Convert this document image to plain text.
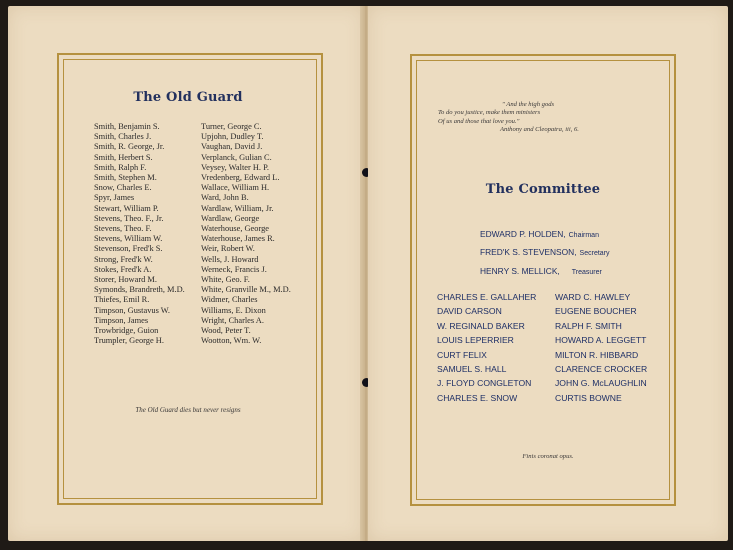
The Old Guard
Smith, Benjamin S.
Smith, Charles J.
Smith, R. George, Jr.
Smith, Herbert S.
Smith, Ralph F.
Smith, Stephen M.
Snow, Charles E.
Spyr, James
Stewart, William P.
Stevens, Theo. F., Jr.
Stevens, Theo. F.
Stevens, William W.
Stevenson, Fred'k S.
Strong, Fred'k W.
Stokes, Fred'k A.
Storer, Howard M.
Symonds, Brandreth, M.D.
Thiefes, Emil R.
Timpson, Gustavus W.
Timpson, James
Trowbridge, Guion
Trumpler, George H.
Turner, George C.
Upjohn, Dudley T.
Vaughan, David J.
Verplanck, Gulian C.
Veysey, Walter H. P.
Vredenberg, Edward L.
Wallace, William H.
Ward, John B.
Wardlaw, William, Jr.
Wardlaw, George
Waterhouse, George
Waterhouse, James R.
Weir, Robert W.
Wells, J. Howard
Werneck, Francis J.
White, Geo. F.
White, Granville M., M.D.
Widmer, Charles
Williams, E. Dixon
Wright, Charles A.
Wood, Peter T.
Wootton, Wm. W.
The Old Guard dies but never resigns
" And the high gods
To do you justice, make them ministers
Of us and those that love you."
Anthony and Cleopatra, iii, 6.
The Committee
EDWARD P. HOLDEN, Chairman
FRED'K S. STEVENSON, Secretary
HENRY S. MELLICK, Treasurer
CHARLES E. GALLAHER
DAVID CARSON
W. REGINALD BAKER
LOUIS LEPERRIER
CURT FELIX
SAMUEL S. HALL
J. FLOYD CONGLETON
CHARLES E. SNOW
WARD C. HAWLEY
EUGENE BOUCHER
RALPH F. SMITH
HOWARD A. LEGGETT
MILTON R. HIBBARD
CLARENCE CROCKER
JOHN G. McLAUGHLIN
CURTIS BOWNE
Finis coronat opus.
